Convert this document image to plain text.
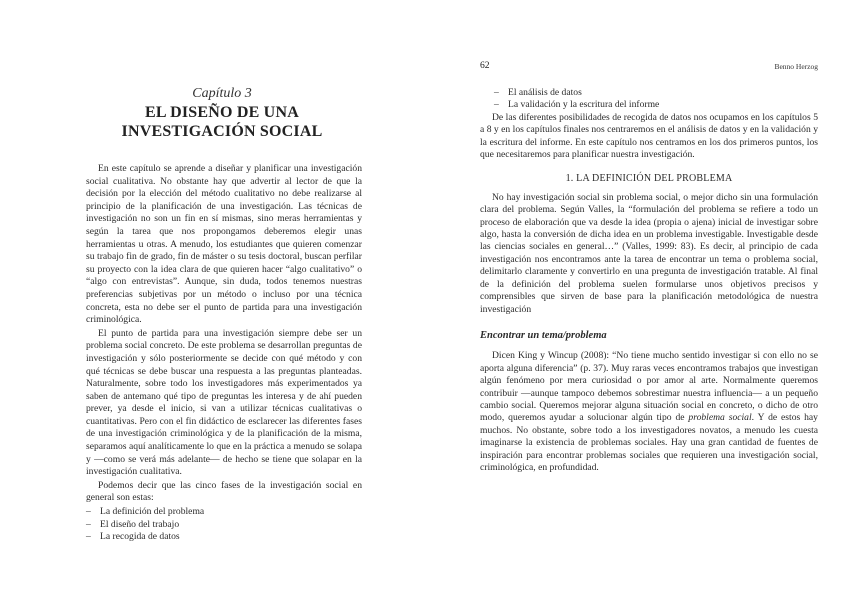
Capítulo 3
EL DISEÑO DE UNA INVESTIGACIÓN SOCIAL

En este capítulo se aprende a diseñar y planificar una investigación social cualitativa. No obstante hay que advertir al lector de que la decisión por la elección del método cualitativo no debe realizarse al principio de la planificación de una investigación. Las técnicas de investigación no son un fin en sí mismas, sino meras herramientas y según la tarea que nos propongamos deberemos elegir unas herramientas u otras. A menudo, los estudiantes que quieren comenzar su trabajo fin de grado, fin de máster o su tesis doctoral, buscan perfilar su proyecto con la idea clara de que quieren hacer “algo cualitativo” o “algo con entrevistas”. Aunque, sin duda, todos tenemos nuestras preferencias subjetivas por un método o incluso por una técnica concreta, esta no debe ser el punto de partida para una investigación criminológica.

El punto de partida para una investigación siempre debe ser un problema social concreto. De este problema se desarrollan preguntas de investigación y sólo posteriormente se decide con qué método y con qué técnicas se debe buscar una respuesta a las preguntas planteadas. Naturalmente, sobre todo los investigadores más experimentados ya saben de antemano qué tipo de preguntas les interesa y de ahí pueden prever, ya desde el inicio, si van a utilizar técnicas cualitativas o cuantitativas. Pero con el fin didáctico de esclarecer las diferentes fases de una investigación criminológica y de la planificación de la misma, separamos aquí analíticamente lo que en la práctica a menudo se solapa y —como se verá más adelante— de hecho se tiene que solapar en la investigación cualitativa.

Podemos decir que las cinco fases de la investigación social en general son estas:

– La definición del problema
– El diseño del trabajo
– La recogida de datos
62	Benno Herzog
– El análisis de datos
– La validación y la escritura del informe

De las diferentes posibilidades de recogida de datos nos ocupamos en los capítulos 5 a 8 y en los capítulos finales nos centraremos en el análisis de datos y en la validación y la escritura del informe. En este capítulo nos centramos en los dos primeros puntos, los que necesitaremos para planificar nuestra investigación.

1. LA DEFINICIÓN DEL PROBLEMA

No hay investigación social sin problema social, o mejor dicho sin una formulación clara del problema. Según Valles, la “formulación del problema se refiere a todo un proceso de elaboración que va desde la idea (propia o ajena) inicial de investigar sobre algo, hasta la conversión de dicha idea en un problema investigable. Investigable desde las ciencias sociales en general…” (Valles, 1999: 83). Es decir, al principio de cada investigación nos encontramos ante la tarea de encontrar un tema o problema social, delimitarlo claramente y convertirlo en una pregunta de investigación tratable. Al final de la definición del problema suelen formularse unos objetivos precisos y comprensibles que sirven de base para la planificación metodológica de nuestra investigación

Encontrar un tema/problema

Dicen King y Wincup (2008): “No tiene mucho sentido investigar si con ello no se aporta alguna diferencia” (p. 37). Muy raras veces encontramos trabajos que investigan algún fenómeno por mera curiosidad o por amor al arte. Normalmente queremos contribuir —aunque tampoco debemos sobrestimar nuestra influencia— a un pequeño cambio social. Queremos mejorar alguna situación social en concreto, o dicho de otro modo, queremos ayudar a solucionar algún tipo de problema social. Y de estos hay muchos. No obstante, sobre todo a los investigadores novatos, a menudo les cuesta imaginarse la existencia de problemas sociales. Hay una gran cantidad de fuentes de inspiración para encontrar problemas sociales que requieren una investigación social, criminológica, en profundidad.
